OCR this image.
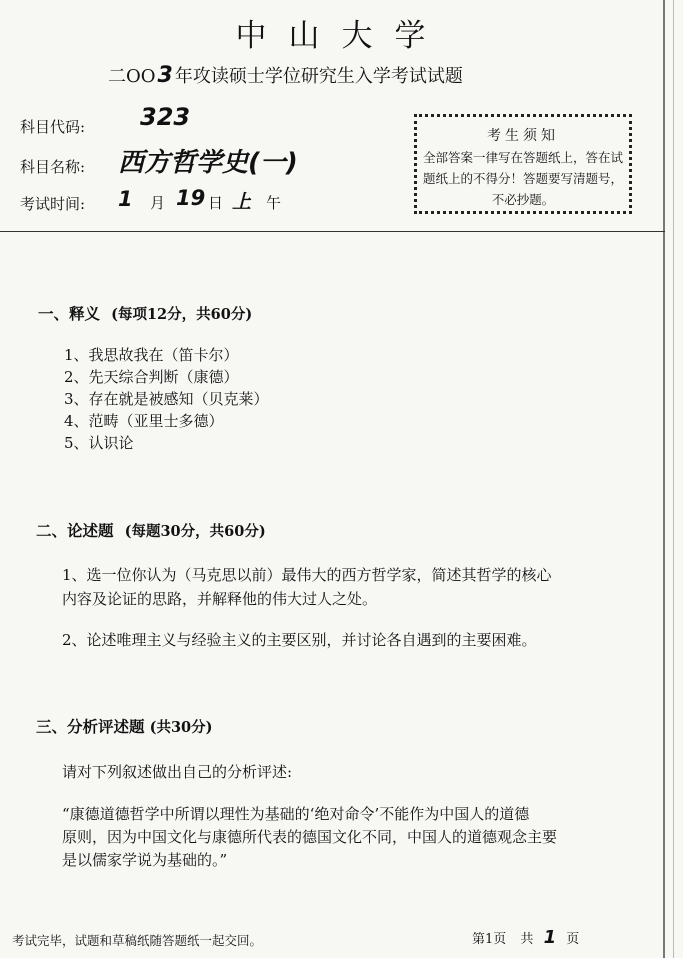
中山大学
二OO3 年攻读硕士学位研究生入学考试试题
科目代码: 323
科目名称: 西方哲学史(一)
考试时间: 1 月 19 日 上 午
考生须知
全部答案一律写在答题纸上，答在试题纸上的不得分！答题要写清题号，不必抄题。
一、释义 (每项12分，共60分)
1、我思故我在（笛卡尔）
2、先天综合判断（康德）
3、存在就是被感知（贝克莱）
4、范畴（亚里士多德）
5、认识论
二、论述题 (每题30分，共60分)
1、选一位你认为（马克思以前）最伟大的西方哲学家，简述其哲学的核心
内容及论证的思路，并解释他的伟大过人之处。
2、论述唯理主义与经验主义的主要区别，并讨论各自遇到的主要困难。
三、分析评述题 (共30分)
请对下列叙述做出自己的分析评述:
“康德道德哲学中所谓以理性为基础的‘绝对命令’不能作为中国人的道德
原则，因为中国文化与康德所代表的德国文化不同，中国人的道德观念主要
是以儒家学说为基础的。”
考试完毕，试题和草稿纸随答题纸一起交回。	第1页 共 1 页
